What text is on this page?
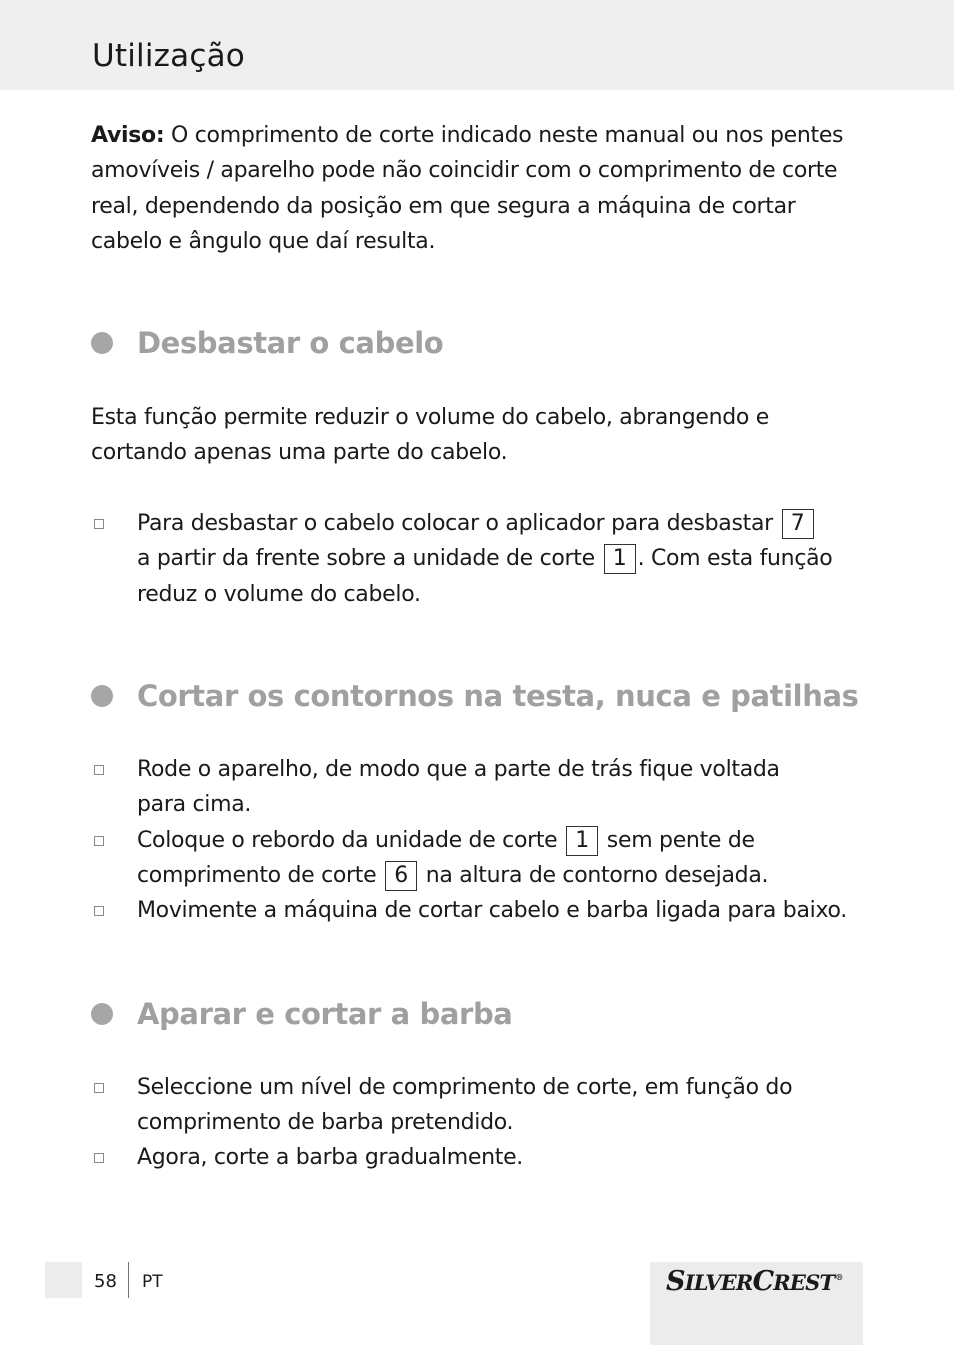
Utilização
Aviso: O comprimento de corte indicado neste manual ou nos pentes
amovíveis / aparelho pode não coincidir com o comprimento de corte
real, dependendo da posição em que segura a máquina de cortar
cabelo e ângulo que daí resulta.
Desbastar o cabelo
Esta função permite reduzir o volume do cabelo, abrangendo e
cortando apenas uma parte do cabelo.
Para desbastar o cabelo colocar o aplicador para desbastar 7
a partir da frente sobre a unidade de corte 1 . Com esta função
reduz o volume do cabelo.
Cortar os contornos na testa, nuca e patilhas
Rode o aparelho, de modo que a parte de trás fique voltada
para cima.
Coloque o rebordo da unidade de corte 1 sem pente de
comprimento de corte 6 na altura de contorno desejada.
Movimente a máquina de cortar cabelo e barba ligada para baixo.
Aparar e cortar a barba
Seleccione um nível de comprimento de corte, em função do
comprimento de barba pretendido.
Agora, corte a barba gradualmente.
58 PT	SILVERCREST®
